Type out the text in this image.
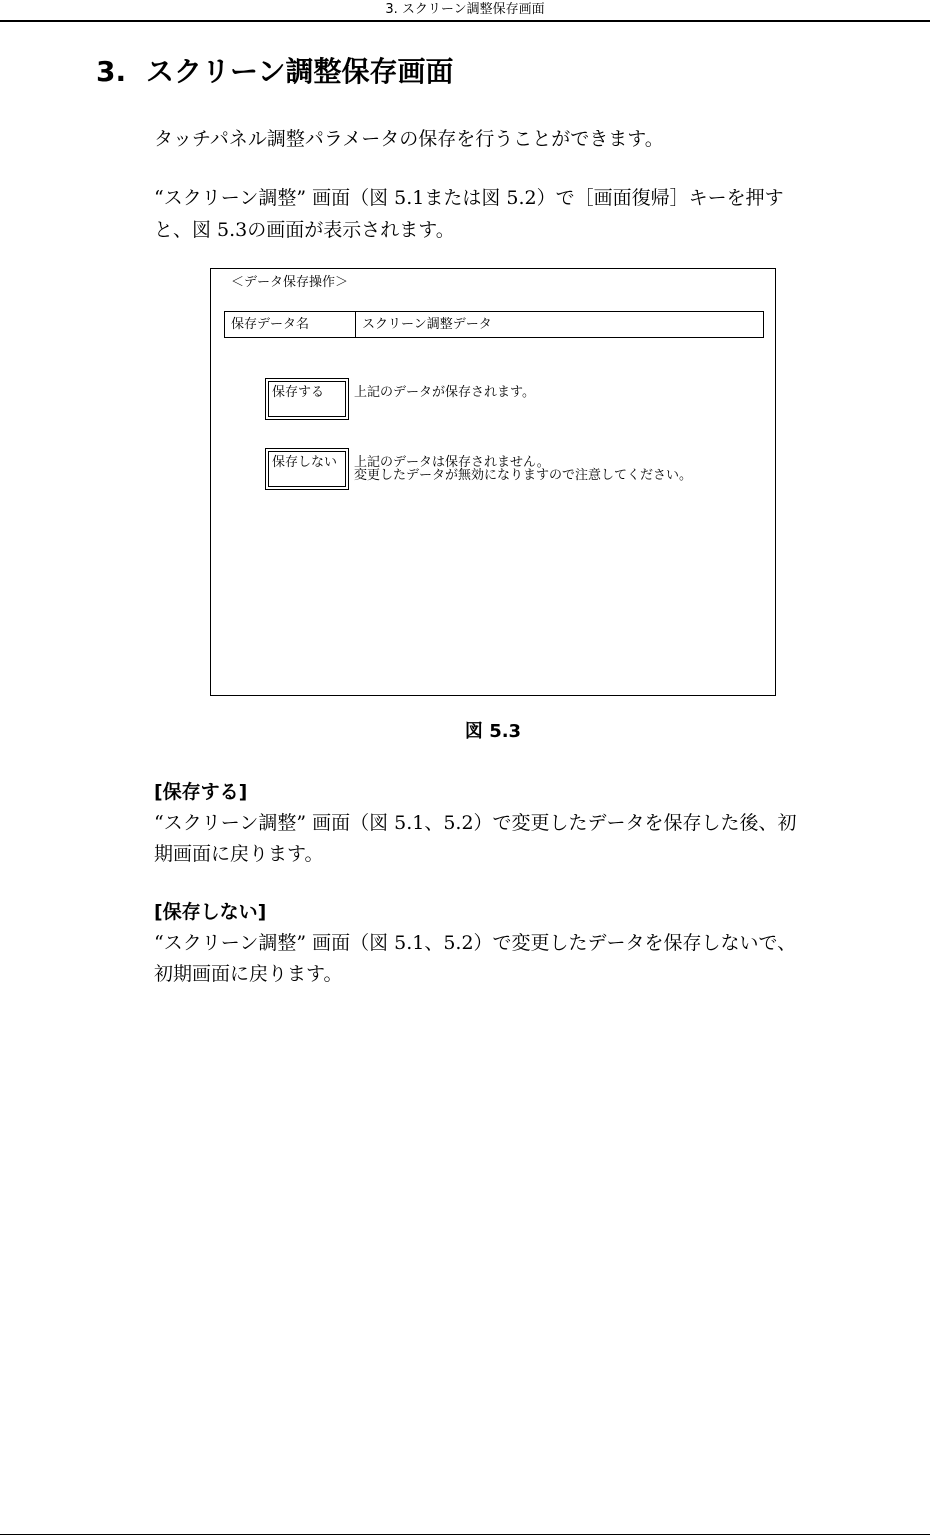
3. スクリーン調整保存画面
3. スクリーン調整保存画面

タッチパネル調整パラメータの保存を行うことができます。

“スクリーン調整” 画面（図 5.1または図 5.2）で［画面復帰］キーを押す

と、図 5.3の画面が表示されます。

＜データ保存操作＞
保存データ名	スクリーン調整データ
保存する	上記のデータが保存されます。
保存しない	上記のデータは保存されません。
変更したデータが無効になりますので注意してください。
図 5.3
[保存する]

“スクリーン調整” 画面（図 5.1、5.2）で変更したデータを保存した後、初

期画面に戻ります。

[保存しない]

“スクリーン調整” 画面（図 5.1、5.2）で変更したデータを保存しないで、

初期画面に戻ります。
